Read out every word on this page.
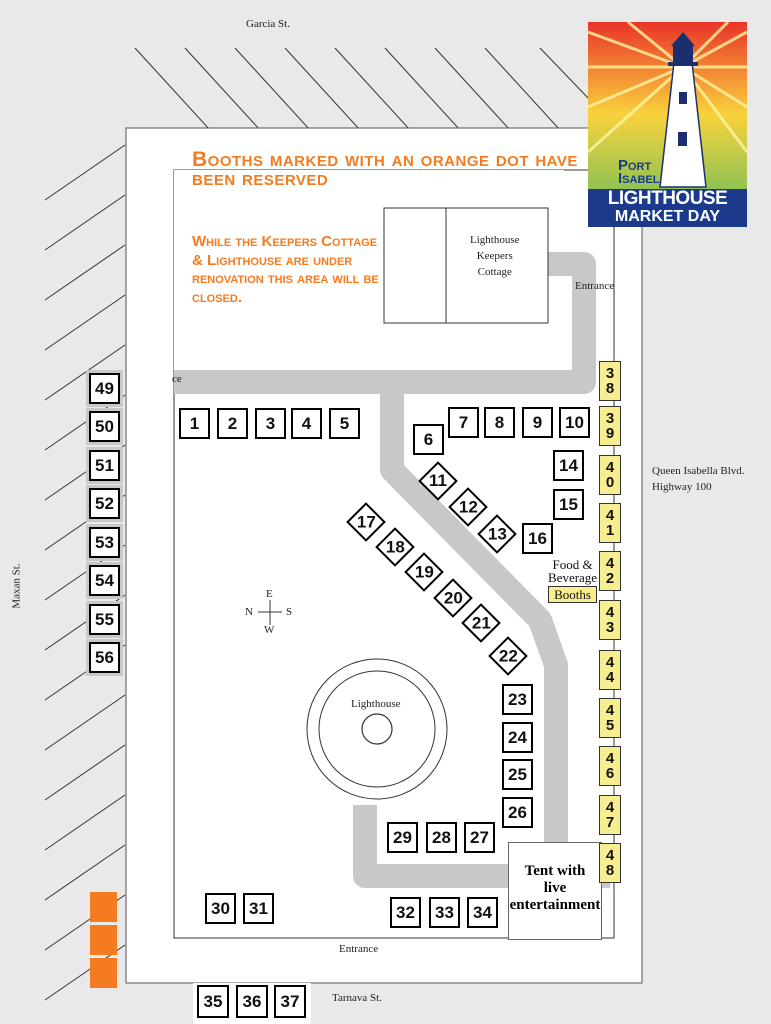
Garcia St.
Queen Isabella Blvd.
Highway 100
Tarnava St.
Maxan St.
Booths marked with an orange dot have been reserved
While the Keepers Cottage & Lighthouse are under renovation this area will be closed.
Lighthouse
Keepers
Cottage
Lighthouse
Entrance
ce
Entrance
E
N	S
W
Food &
Beverage
Booths
Tent with
live
entertainment
1	2	3	4	5
6
7	8	9	10
11
12
13	16
14
15
17
18
19
20
21
22
23
24
25
26
27
28
29
30	31	32	33	34
35	36	37
3
8
3
9
4
0
4
1
4
2
4
3
4
4
4
5
4
6
4
7
4
8
49
50
51
52
53
54
55
56
Port
Isabel
LIGHTHOUSE
MARKET DAY
